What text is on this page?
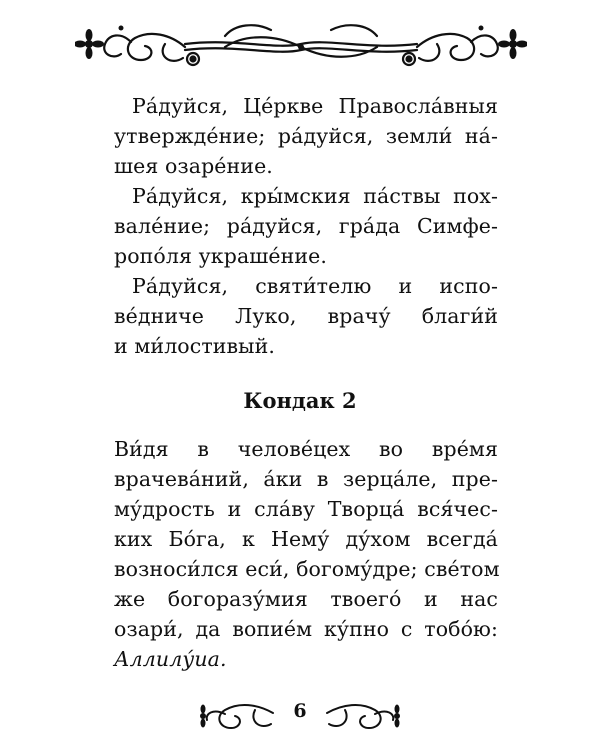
Ра́дуйся, Це́ркве Правосла́вныя
утвержде́ние; ра́дуйся, земли́ на́-
шея озаре́ние.
Ра́дуйся, кры́мския па́ствы пох-
вале́ние; ра́дуйся, гра́да Симфе-
ропо́ля украше́ние.
Ра́дуйся, святи́телю и испо-
ве́дниче Лукo, врачу́ благи́й
и ми́лостивый.
Кондак 2
Ви́дя в челове́цех во вре́мя
врачева́ний, а́ки в зерца́ле, пре-
му́дрость и сла́ву Творца́ вся́чес-
ких Бо́га, к Нему́ ду́хом всегда́
возноси́лся еси́, богому́дре; све́том
же богоразу́мия твоего́ и нас
озари́, да вопие́м ку́пно с тобо́ю:
Аллилу́иа.
6
